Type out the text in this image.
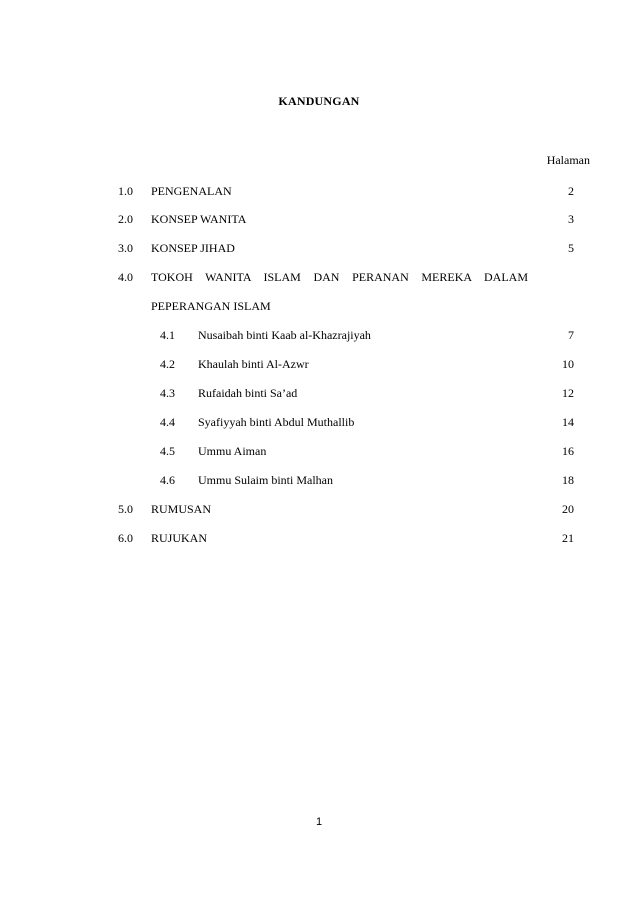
KANDUNGAN
Halaman
1.0 PENGENALAN	2
2.0 KONSEP WANITA	3
3.0 KONSEP JIHAD	5
4.0 TOKOH WANITA ISLAM DAN PERANAN MEREKA DALAM
PEPERANGAN ISLAM
4.1 Nusaibah binti Kaab al-Khazrajiyah	7
4.2 Khaulah binti Al-Azwr	10
4.3 Rufaidah binti Sa’ad	12
4.4 Syafiyyah binti Abdul Muthallib	14
4.5 Ummu Aiman	16
4.6 Ummu Sulaim binti Malhan	18
5.0 RUMUSAN	20
6.0 RUJUKAN	21
1
